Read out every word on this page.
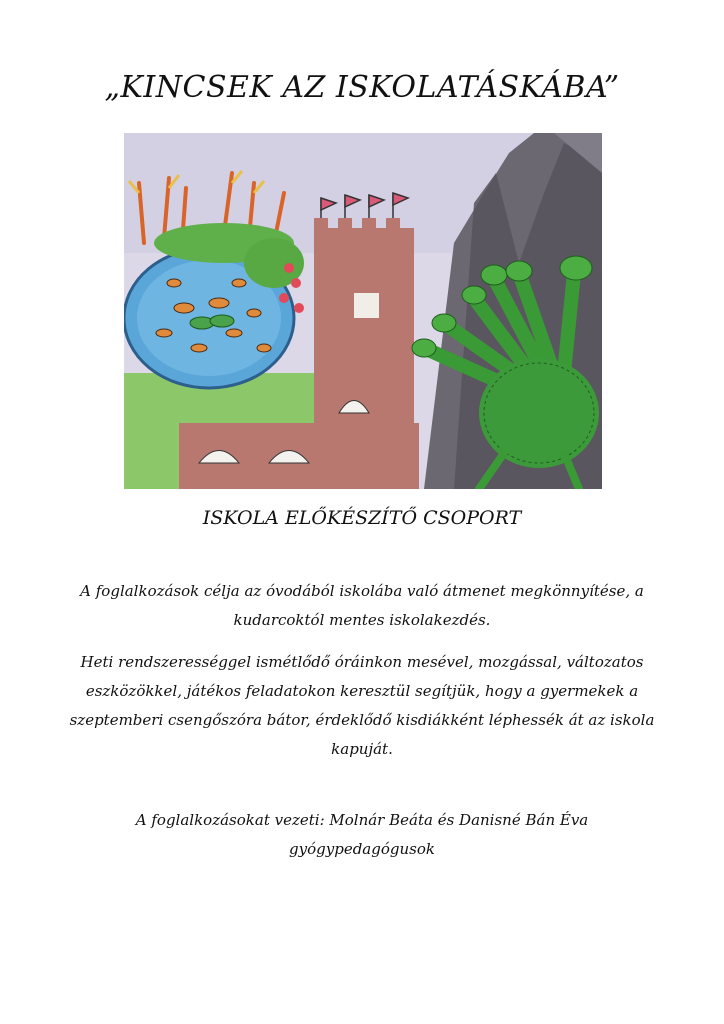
„KINCSEK AZ ISKOLATÁSKÁBA”
ISKOLA ELŐKÉSZÍTŐ CSOPORT
A foglalkozások célja az óvodából iskolába való átmenet megkönnyítése, a kudarcoktól mentes iskolakezdés.
Heti rendszerességgel ismétlődő óráinkon mesével, mozgással, változatos eszközökkel, játékos feladatokon keresztül segítjük, hogy a gyermekek a szeptemberi csengőszóra bátor, érdeklődő kisdiákként léphessék át az iskola kapuját.
A foglalkozásokat vezeti: Molnár Beáta és Danisné Bán Éva gyógypedagógusok
